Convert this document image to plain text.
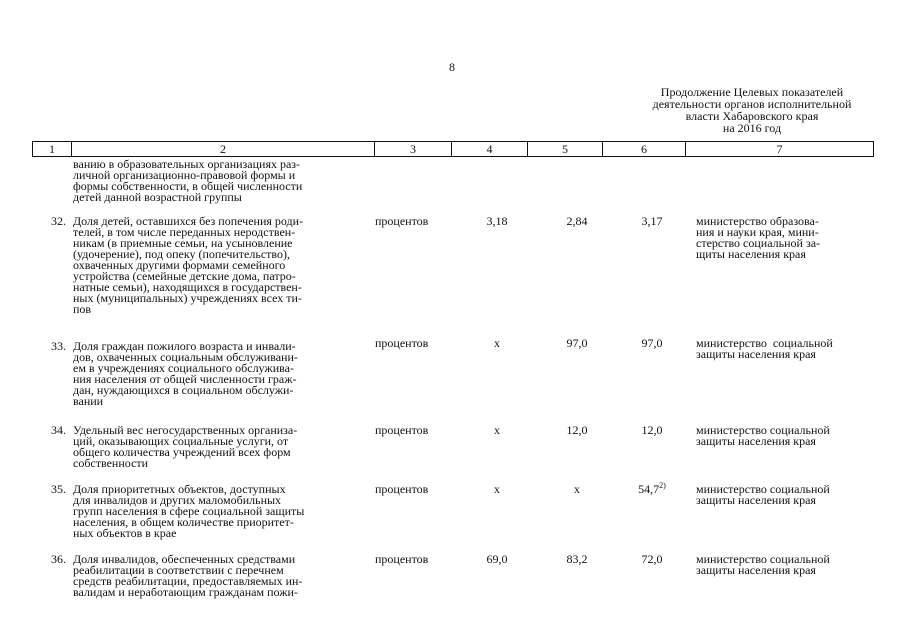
8
Продолжение Целевых показателей
деятельности органов исполнительной
власти Хабаровского края
на 2016 год
1	2	3	4	5	6	7
ванию в образовательных организациях раз-
личной организационно-правовой формы и
формы собственности, в общей численности
детей данной возрастной группы
32. Доля детей, оставшихся без попечения роди-
телей, в том числе переданных неродствен-
никам (в приемные семьи, на усыновление
(удочерение), под опеку (попечительство),
охваченных другими формами семейного
устройства (семейные детские дома, патро-
натные семьи), находящихся в государствен-
ных (муниципальных) учреждениях всех ти-
пов
процентов	3,18	2,84	3,17	министерство образова-
ния и науки края, мини-
стерство социальной за-
щиты населения края
33. Доля граждан пожилого возраста и инвали-
дов, охваченных социальным обслуживани-
ем в учреждениях социального обслужива-
ния населения от общей численности граж-
дан, нуждающихся в социальном обслужи-
вании
процентов	х	97,0	97,0	министерство  социальной
защиты населения края
34. Удельный вес негосударственных организа-
ций, оказывающих социальные услуги, от
общего количества учреждений всех форм
собственности
процентов	х	12,0	12,0	министерство социальной
защиты населения края
35. Доля приоритетных объектов, доступных
для инвалидов и других маломобильных
групп населения в сфере социальной защиты
населения, в общем количестве приоритет-
ных объектов в крае
процентов	х	х	54,7$^{2)}$	министерство социальной
защиты населения края
36. Доля инвалидов, обеспеченных средствами
реабилитации в соответствии с перечнем
средств реабилитации, предоставляемых ин-
валидам и неработающим гражданам пожи-
процентов	69,0	83,2	72,0	министерство социальной
защиты населения края
